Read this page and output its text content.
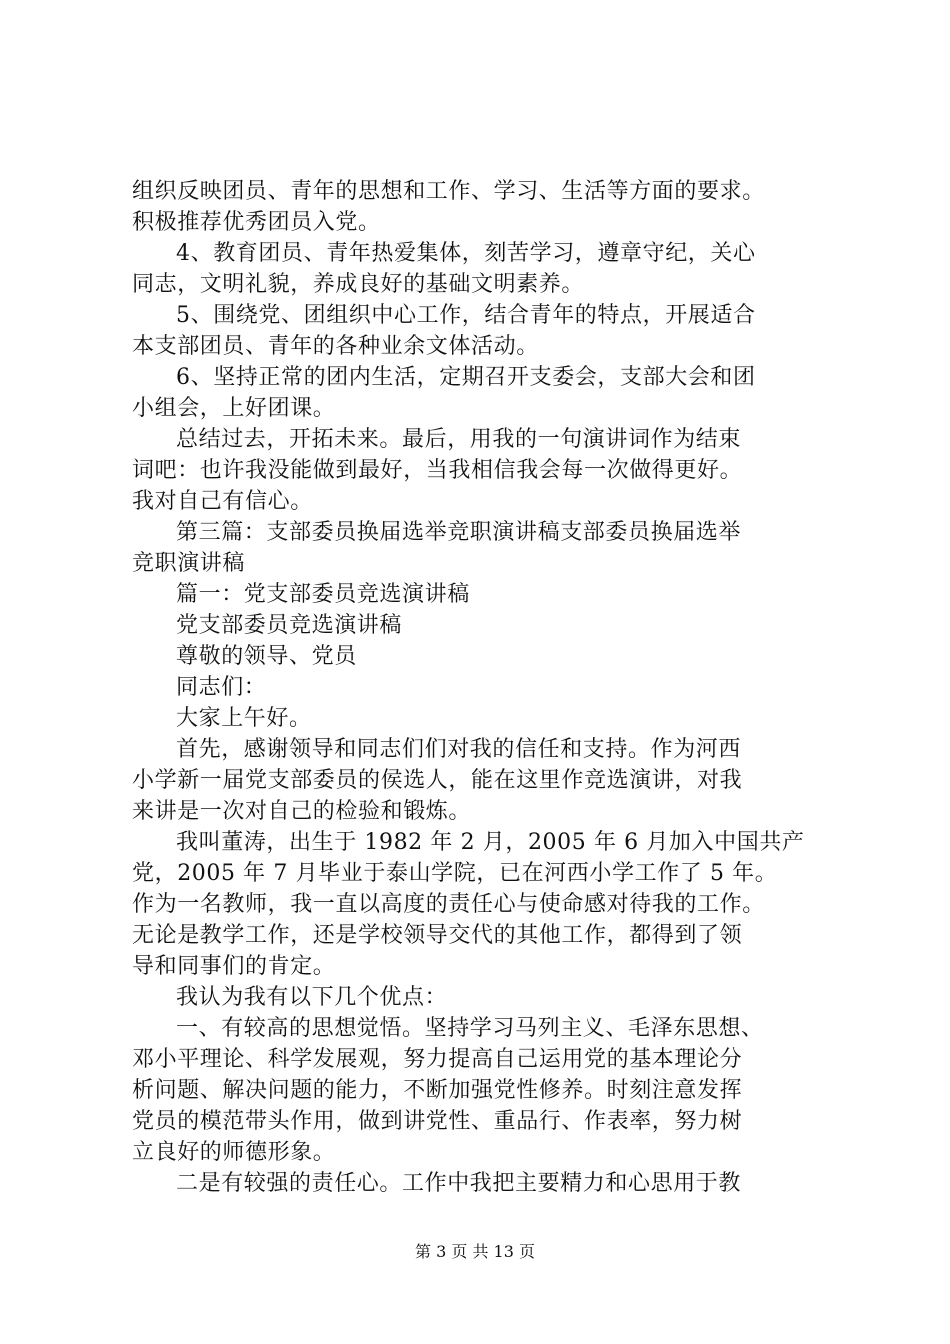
组织反映团员、青年的思想和工作、学习、生活等方面的要求。
积极推荐优秀团员入党。
4、教育团员、青年热爱集体，刻苦学习，遵章守纪，关心
同志，文明礼貌，养成良好的基础文明素养。
5、围绕党、团组织中心工作，结合青年的特点，开展适合
本支部团员、青年的各种业余文体活动。
6、坚持正常的团内生活，定期召开支委会，支部大会和团
小组会，上好团课。
总结过去，开拓未来。最后，用我的一句演讲词作为结束
词吧：也许我没能做到最好，当我相信我会每一次做得更好。
我对自己有信心。
第三篇：支部委员换届选举竞职演讲稿支部委员换届选举
竞职演讲稿
篇一：党支部委员竞选演讲稿
党支部委员竞选演讲稿
尊敬的领导、党员
同志们：
大家上午好。
首先，感谢领导和同志们们对我的信任和支持。作为河西
小学新一届党支部委员的侯选人，能在这里作竞选演讲，对我
来讲是一次对自己的检验和锻炼。
我叫董涛，出生于 1982 年 2 月，2005 年 6 月加入中国共产
党，2005 年 7 月毕业于泰山学院，已在河西小学工作了 5 年。
作为一名教师，我一直以高度的责任心与使命感对待我的工作。
无论是教学工作，还是学校领导交代的其他工作，都得到了领
导和同事们的肯定。
我认为我有以下几个优点：
一、有较高的思想觉悟。坚持学习马列主义、毛泽东思想、
邓小平理论、科学发展观，努力提高自己运用党的基本理论分
析问题、解决问题的能力，不断加强党性修养。时刻注意发挥
党员的模范带头作用，做到讲党性、重品行、作表率，努力树
立良好的师德形象。
二是有较强的责任心。工作中我把主要精力和心思用于教
第 3 页 共 13 页
